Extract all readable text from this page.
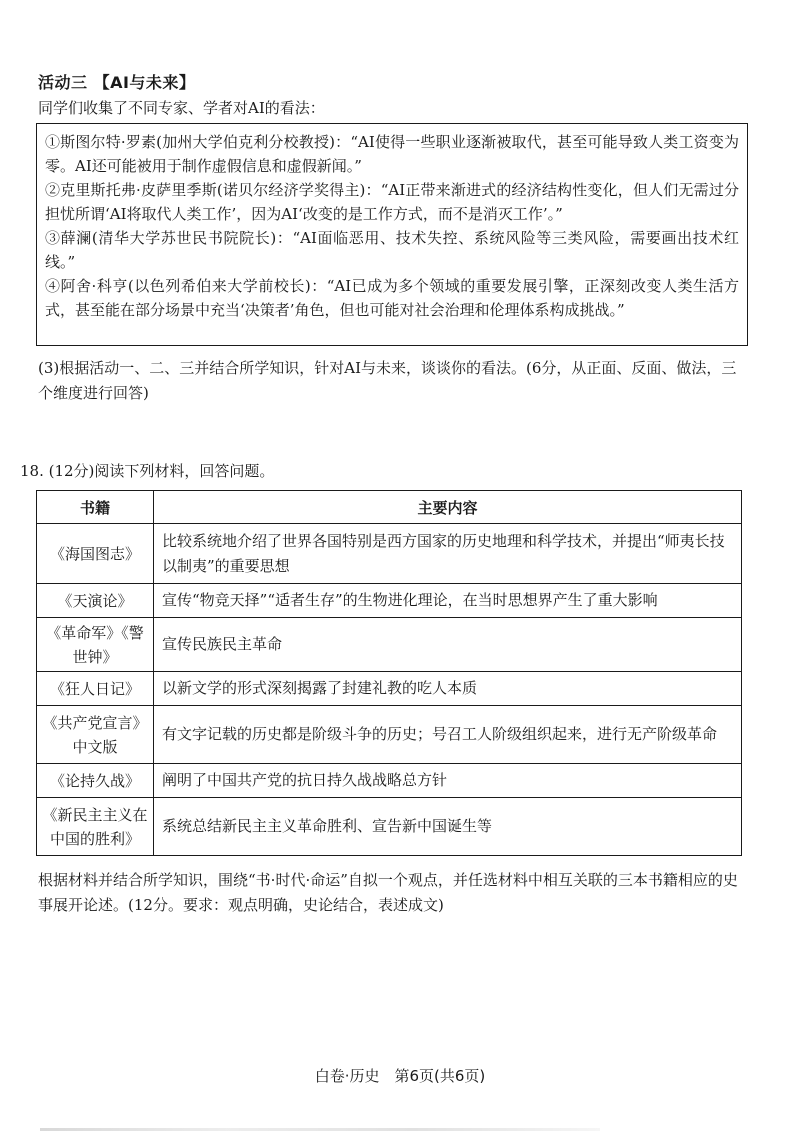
活动三 【AI与未来】
同学们收集了不同专家、学者对AI的看法：

①斯图尔特·罗素(加州大学伯克利分校教授)：“AI使得一些职业逐渐被取代，甚至可能导致人类工资变为零。AI还可能被用于制作虚假信息和虚假新闻。”

②克里斯托弗·皮萨里季斯(诺贝尔经济学奖得主)：“AI正带来渐进式的经济结构性变化，但人们无需过分担忧所谓‘AI将取代人类工作’，因为AI‘改变的是工作方式，而不是消灭工作’。”

③薛澜(清华大学苏世民书院院长)：“AI面临恶用、技术失控、系统风险等三类风险，需要画出技术红线。”

④阿舍·科亨(以色列希伯来大学前校长)：“AI已成为多个领域的重要发展引擎，正深刻改变人类生活方式，甚至能在部分场景中充当‘决策者’角色，但也可能对社会治理和伦理体系构成挑战。”

(3)根据活动一、二、三并结合所学知识，针对AI与未来，谈谈你的看法。(6分，从正面、反面、做法，三个维度进行回答)
18. (12分)阅读下列材料，回答问题。
书籍	主要内容
《海国图志》	比较系统地介绍了世界各国特别是西方国家的历史地理和科学技术，并提出“师夷长技以制夷”的重要思想
《天演论》	宣传“物竞天择”“适者生存”的生物进化理论，在当时思想界产生了重大影响
《革命军》《警世钟》	宣传民族民主革命
《狂人日记》	以新文学的形式深刻揭露了封建礼教的吃人本质
《共产党宣言》中文版	有文字记载的历史都是阶级斗争的历史；号召工人阶级组织起来，进行无产阶级革命
《论持久战》	阐明了中国共产党的抗日持久战战略总方针
《新民主主义在中国的胜利》	系统总结新民主主义革命胜利、宣告新中国诞生等
根据材料并结合所学知识，围绕“书·时代·命运”自拟一个观点，并任选材料中相互关联的三本书籍相应的史事展开论述。(12分。要求：观点明确，史论结合，表述成文)
白卷·历史　第6页(共6页)
